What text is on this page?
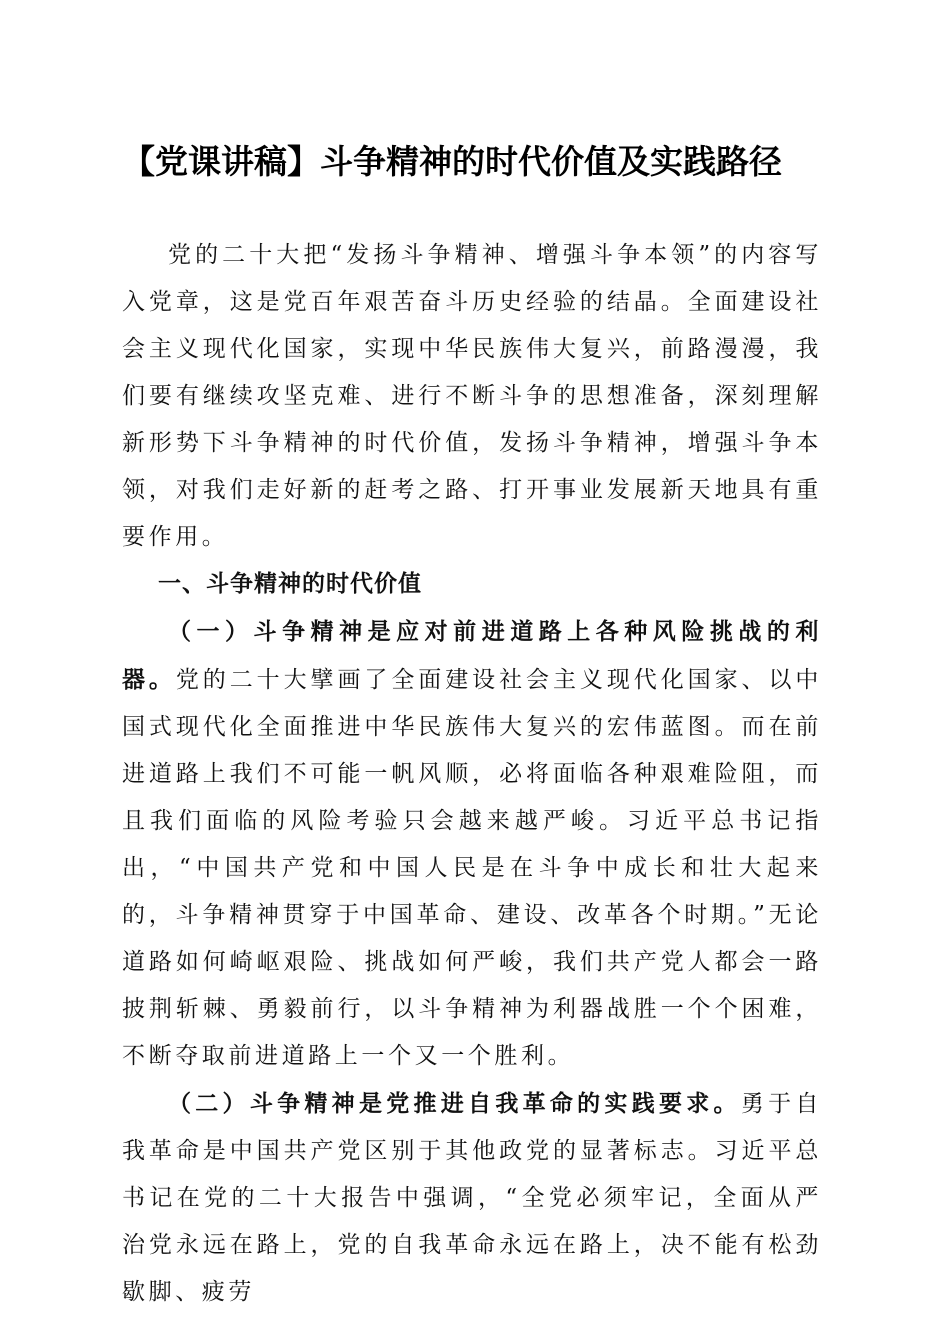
【党课讲稿】斗争精神的时代价值及实践路径

党的二十大把“发扬斗争精神、增强斗争本领”的内容写入党章，这是党百年艰苦奋斗历史经验的结晶。全面建设社会主义现代化国家，实现中华民族伟大复兴，前路漫漫，我们要有继续攻坚克难、进行不断斗争的思想准备，深刻理解新形势下斗争精神的时代价值，发扬斗争精神，增强斗争本领，对我们走好新的赶考之路、打开事业发展新天地具有重要作用。

一、斗争精神的时代价值

（一）斗争精神是应对前进道路上各种风险挑战的利器。党的二十大擘画了全面建设社会主义现代化国家、以中国式现代化全面推进中华民族伟大复兴的宏伟蓝图。而在前进道路上我们不可能一帆风顺，必将面临各种艰难险阻，而且我们面临的风险考验只会越来越严峻。习近平总书记指出，“中国共产党和中国人民是在斗争中成长和壮大起来的，斗争精神贯穿于中国革命、建设、改革各个时期。”无论道路如何崎岖艰险、挑战如何严峻，我们共产党人都会一路披荆斩棘、勇毅前行，以斗争精神为利器战胜一个个困难，不断夺取前进道路上一个又一个胜利。

（二）斗争精神是党推进自我革命的实践要求。勇于自我革命是中国共产党区别于其他政党的显著标志。习近平总书记在党的二十大报告中强调，“全党必须牢记，全面从严治党永远在路上，党的自我革命永远在路上，决不能有松劲歇脚、疲劳
